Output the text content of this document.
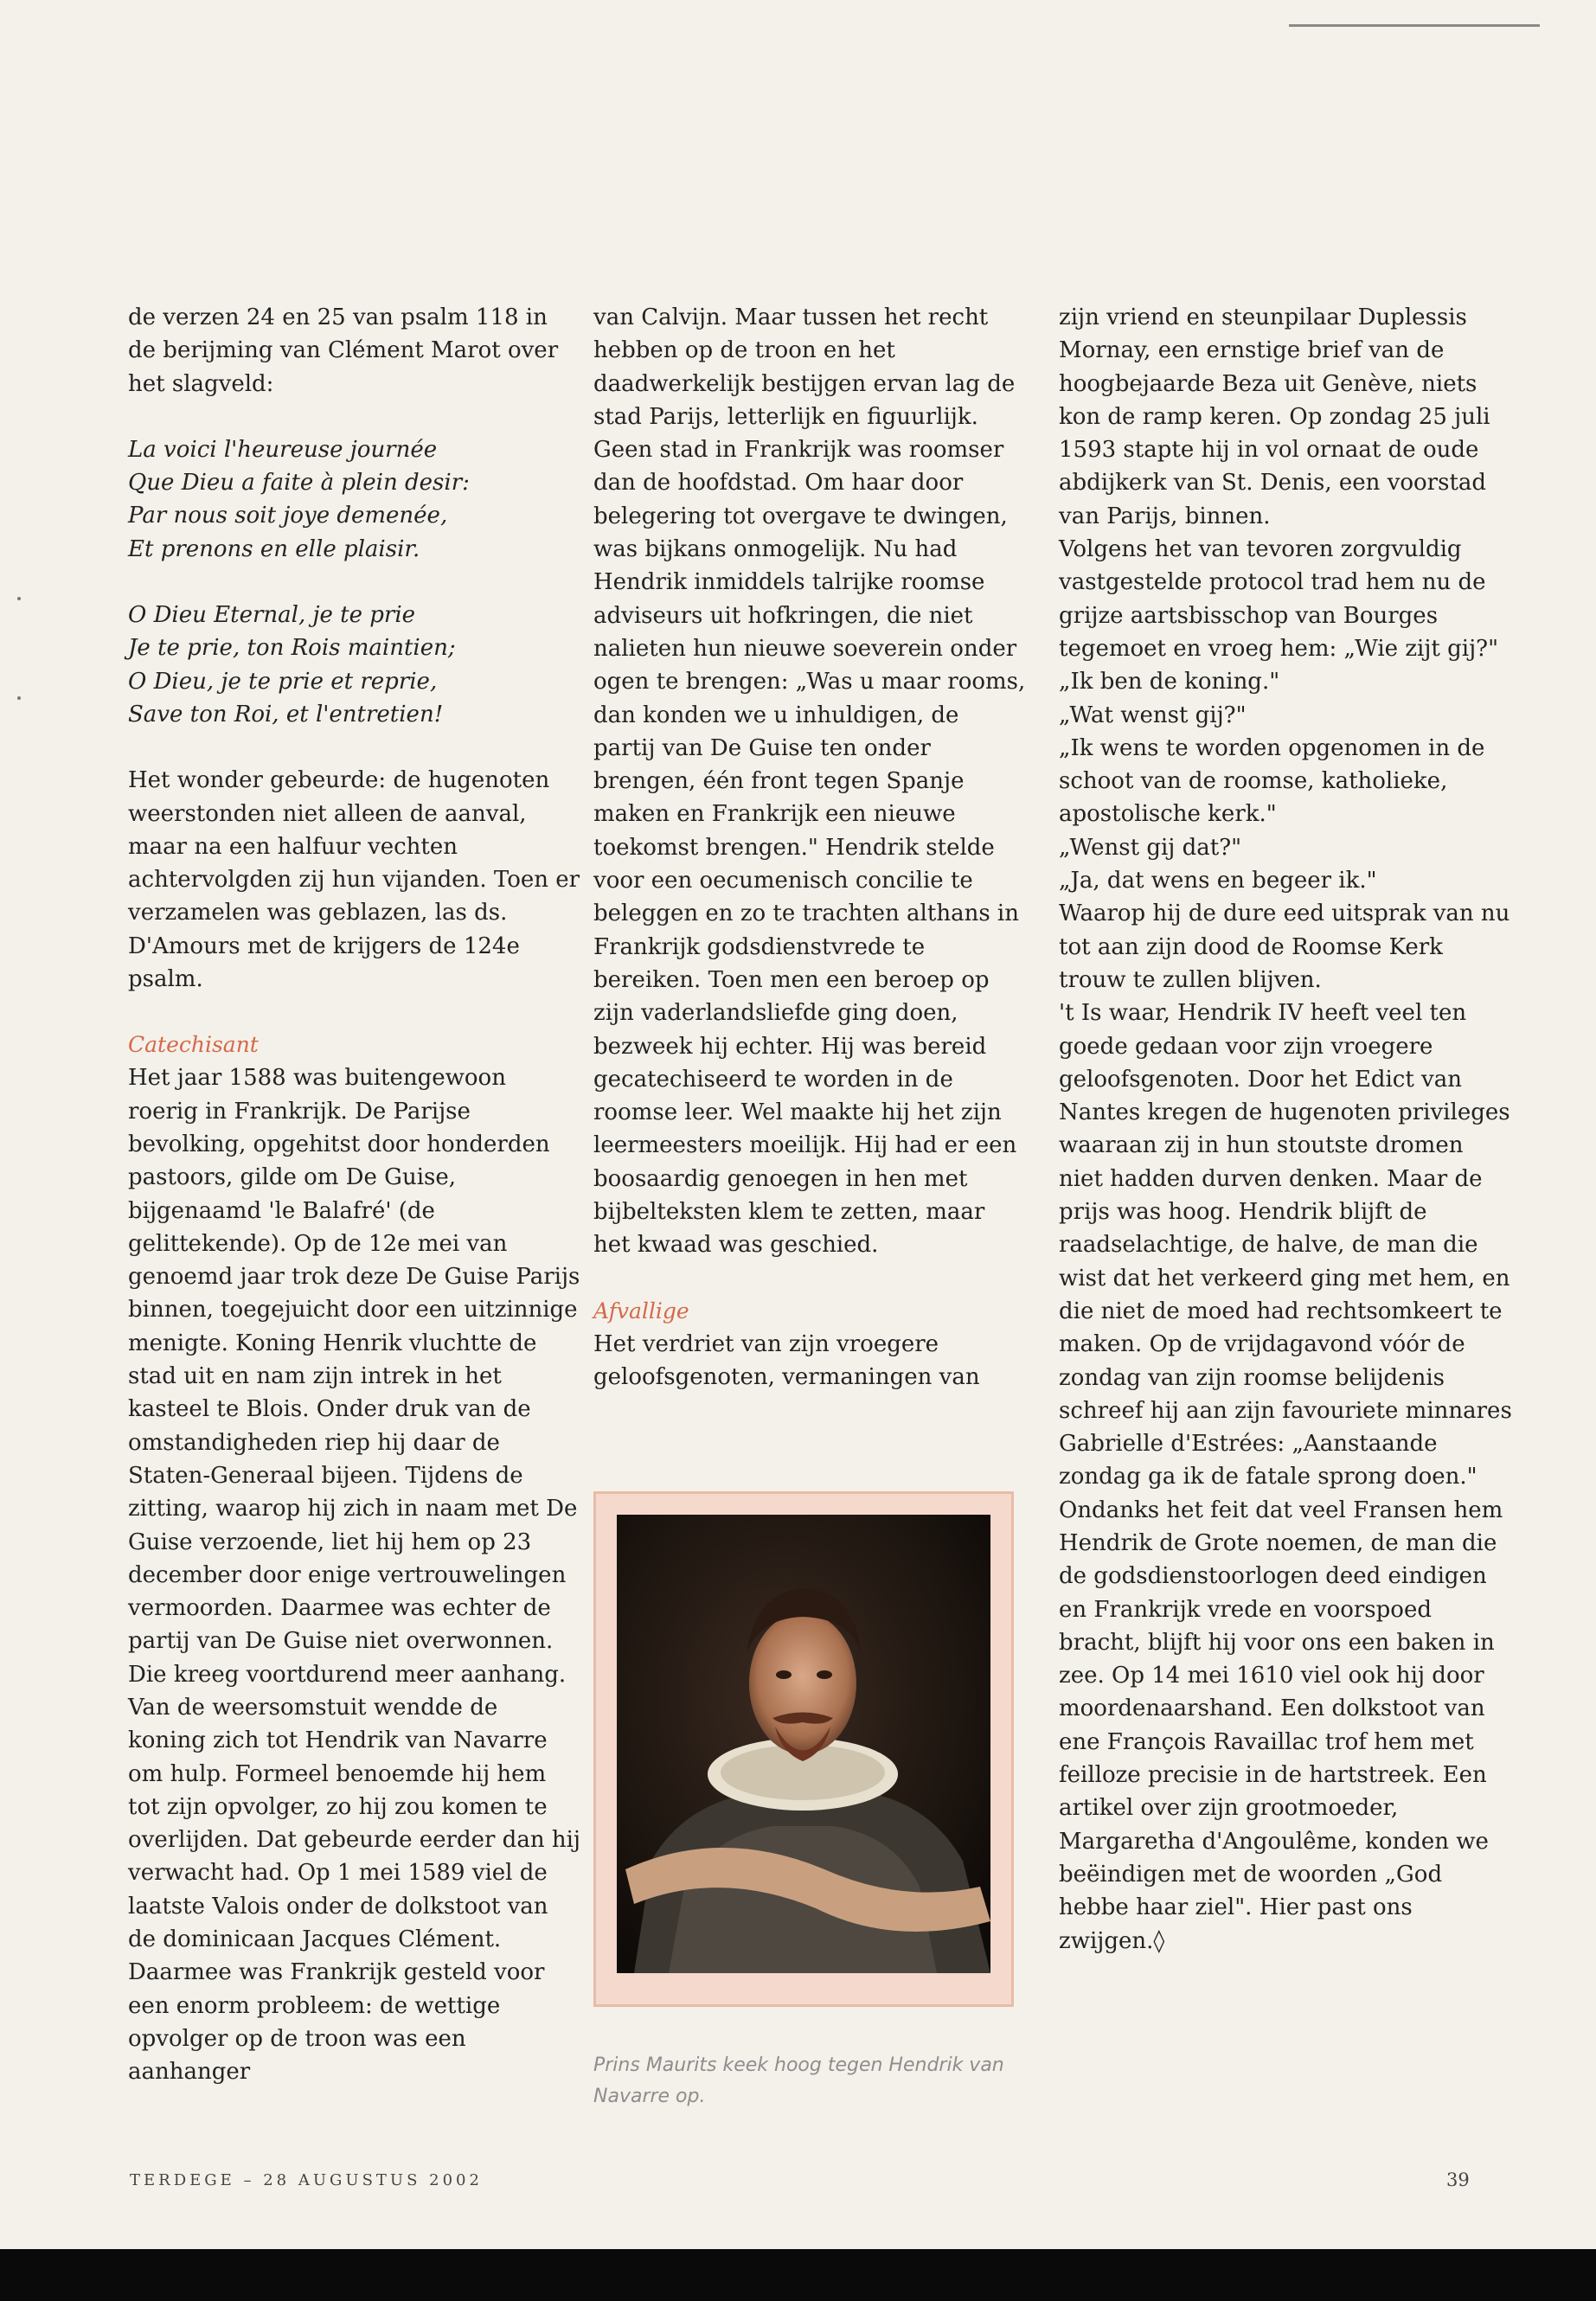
de verzen 24 en 25 van psalm 118 in de berijming van Clément Marot over het slagveld:

La voici l'heureuse journée
Que Dieu a faite à plein desir:
Par nous soit joye demenée,
Et prenons en elle plaisir.
O Dieu Eternal, je te prie
Je te prie, ton Rois maintien;
O Dieu, je te prie et reprie,
Save ton Roi, et l'entretien!

Het wonder gebeurde: de hugenoten weerstonden niet alleen de aanval, maar na een halfuur vechten achtervolgden zij hun vijanden. Toen er verzamelen was geblazen, las ds. D'Amours met de krijgers de 124e psalm.

Catechisant

Het jaar 1588 was buitengewoon roerig in Frankrijk. De Parijse bevolking, opgehitst door honderden pastoors, gilde om De Guise, bijgenaamd 'le Balafré' (de gelittekende). Op de 12e mei van genoemd jaar trok deze De Guise Parijs binnen, toegejuicht door een uitzinnige menigte. Koning Henrik vluchtte de stad uit en nam zijn intrek in het kasteel te Blois. Onder druk van de omstandigheden riep hij daar de Staten-Generaal bijeen. Tijdens de zitting, waarop hij zich in naam met De Guise verzoende, liet hij hem op 23 december door enige vertrouwelingen vermoorden. Daarmee was echter de partij van De Guise niet overwonnen. Die kreeg voortdurend meer aanhang. Van de weersomstuit wendde de koning zich tot Hendrik van Navarre om hulp. Formeel benoemde hij hem tot zijn opvolger, zo hij zou komen te overlijden. Dat gebeurde eerder dan hij verwacht had. Op 1 mei 1589 viel de laatste Valois onder de dolkstoot van de dominicaan Jacques Clément. Daarmee was Frankrijk gesteld voor een enorm probleem: de wettige opvolger op de troon was een aanhanger

van Calvijn. Maar tussen het recht hebben op de troon en het daadwerkelijk bestijgen ervan lag de stad Parijs, letterlijk en figuurlijk. Geen stad in Frankrijk was roomser dan de hoofdstad. Om haar door belegering tot overgave te dwingen, was bijkans onmogelijk. Nu had Hendrik inmiddels talrijke roomse adviseurs uit hofkringen, die niet nalieten hun nieuwe soeverein onder ogen te brengen: „Was u maar rooms, dan konden we u inhuldigen, de partij van De Guise ten onder brengen, één front tegen Spanje maken en Frankrijk een nieuwe toekomst brengen." Hendrik stelde voor een oecumenisch concilie te beleggen en zo te trachten althans in Frankrijk godsdienstvrede te bereiken. Toen men een beroep op zijn vaderlandsliefde ging doen, bezweek hij echter. Hij was bereid gecatechiseerd te worden in de roomse leer. Wel maakte hij het zijn leermeesters moeilijk. Hij had er een boosaardig genoegen in hen met bijbelteksten klem te zetten, maar het kwaad was geschied.

Afvallige

Het verdriet van zijn vroegere geloofsgenoten, vermaningen van

Prins Maurits keek hoog tegen Hendrik van Navarre op.

zijn vriend en steunpilaar Duplessis Mornay, een ernstige brief van de hoogbejaarde Beza uit Genève, niets kon de ramp keren. Op zondag 25 juli 1593 stapte hij in vol ornaat de oude abdijkerk van St. Denis, een voorstad van Parijs, binnen.

Volgens het van tevoren zorgvuldig vastgestelde protocol trad hem nu de grijze aartsbisschop van Bourges tegemoet en vroeg hem: „Wie zijt gij?"
„Ik ben de koning."
„Wat wenst gij?"
„Ik wens te worden opgenomen in de schoot van de roomse, katholieke, apostolische kerk."
„Wenst gij dat?"
„Ja, dat wens en begeer ik."
Waarop hij de dure eed uitsprak van nu tot aan zijn dood de Roomse Kerk trouw te zullen blijven.
't Is waar, Hendrik IV heeft veel ten goede gedaan voor zijn vroegere geloofsgenoten. Door het Edict van Nantes kregen de hugenoten privileges waaraan zij in hun stoutste dromen niet hadden durven denken. Maar de prijs was hoog. Hendrik blijft de raadselachtige, de halve, de man die wist dat het verkeerd ging met hem, en die niet de moed had rechtsomkeert te maken. Op de vrijdagavond vóór de zondag van zijn roomse belijdenis schreef hij aan zijn favouriete minnares Gabrielle d'Estrées: „Aanstaande zondag ga ik de fatale sprong doen."
Ondanks het feit dat veel Fransen hem Hendrik de Grote noemen, de man die de godsdienstoorlogen deed eindigen en Frankrijk vrede en voorspoed bracht, blijft hij voor ons een baken in zee. Op 14 mei 1610 viel ook hij door moordenaarshand. Een dolkstoot van ene François Ravaillac trof hem met feilloze precisie in de hartstreek. Een artikel over zijn grootmoeder, Margaretha d'Angoulême, konden we beëindigen met de woorden „God hebbe haar ziel". Hier past ons zwijgen.◊
TERDEGE – 28 AUGUSTUS 2002	39
